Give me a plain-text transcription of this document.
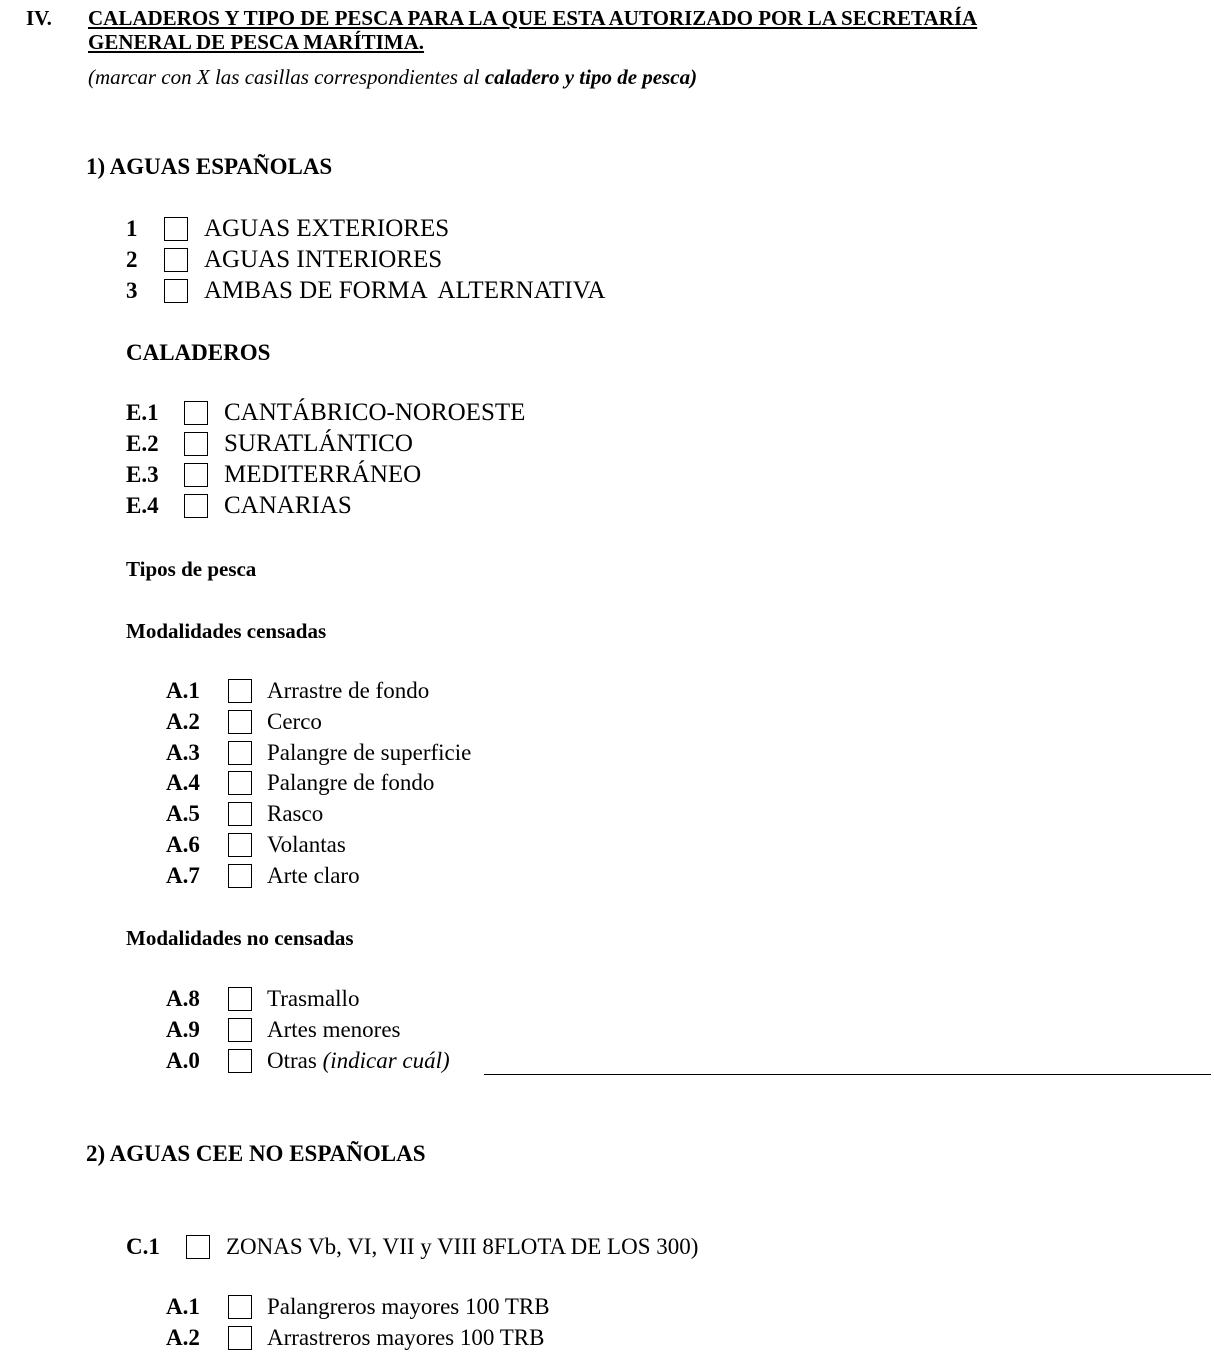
IV. CALADEROS Y TIPO DE PESCA PARA LA QUE ESTA AUTORIZADO POR LA SECRETARÍA
GENERAL DE PESCA MARÍTIMA.
(marcar con X las casillas correspondientes al caladero y tipo de pesca)
1) AGUAS ESPAÑOLAS
1	AGUAS EXTERIORES
2	AGUAS INTERIORES
3	AMBAS DE FORMA  ALTERNATIVA
CALADEROS
E.1	CANTÁBRICO-NOROESTE
E.2	SURATLÁNTICO
E.3	MEDITERRÁNEO
E.4	CANARIAS
Tipos de pesca
Modalidades censadas
A.1	Arrastre de fondo
A.2	Cerco
A.3	Palangre de superficie
A.4	Palangre de fondo
A.5	Rasco
A.6	Volantas
A.7	Arte claro
Modalidades no censadas
A.8	Trasmallo
A.9	Artes menores
A.0	Otras (indicar cuál)
2) AGUAS CEE NO ESPAÑOLAS
C.1	ZONAS Vb, VI, VII y VIII 8FLOTA DE LOS 300)
A.1	Palangreros mayores 100 TRB
A.2	Arrastreros mayores 100 TRB
